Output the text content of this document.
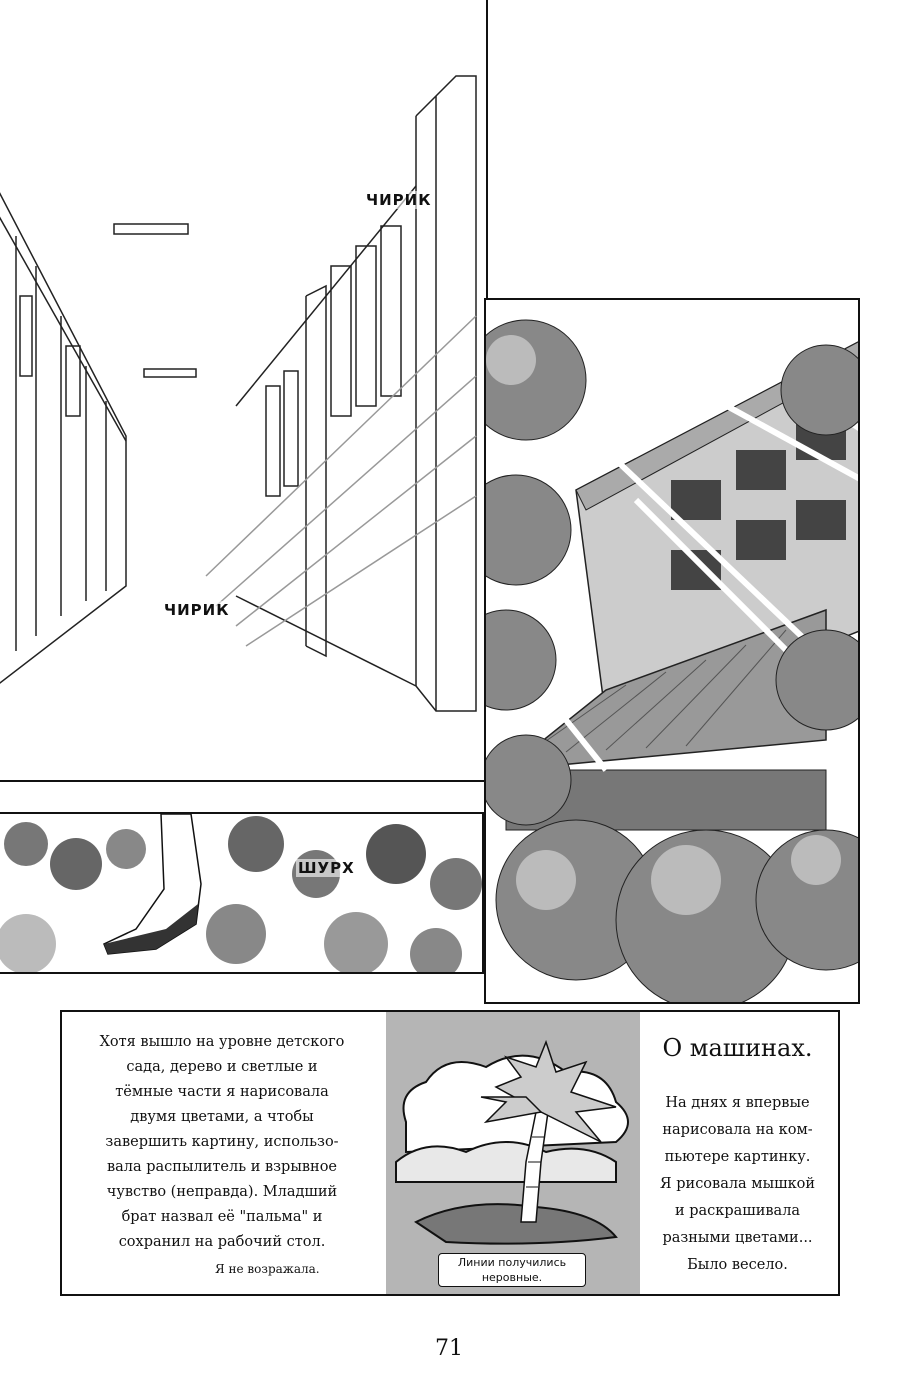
ЧИРИК
ЧИРИК
ШУРХ
Хотя вышло на уровне детского
сада, дерево и светлые и
тёмные части я нарисовала
двумя цветами, а чтобы
завершить картину, использо-
вала распылитель и взрывное
чувство (неправда). Младший
брат назвал её "пальма" и
сохранил на рабочий стол.
Я не возражала.	Линии получились
неровные.
О машинах.
На днях я впервые
нарисовала на ком-
пьютере картинку.
Я рисовала мышкой
и раскрашивала
разными цветами...
Было весело.
71
